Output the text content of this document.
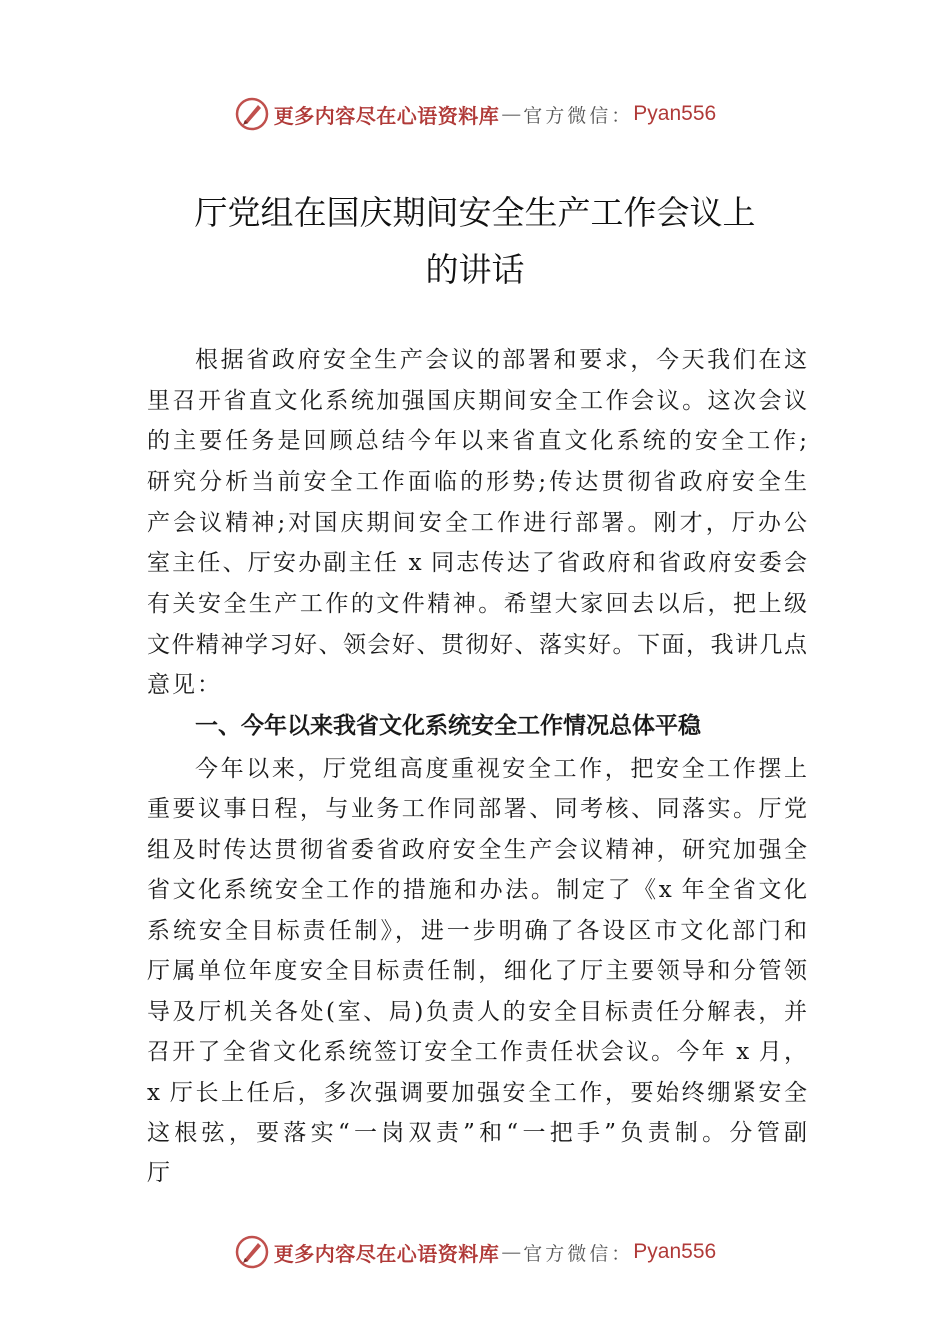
更多内容尽在心语资料库 — 官方微信： Pyan556
厅党组在国庆期间安全生产工作会议上
的讲话
根据省政府安全生产会议的部署和要求，今天我们在这
里召开省直文化系统加强国庆期间安全工作会议。这次会议
的主要任务是回顾总结今年以来省直文化系统的安全工作;
研究分析当前安全工作面临的形势;传达贯彻省政府安全生
产会议精神;对国庆期间安全工作进行部署。刚才，厅办公
室主任、厅安办副主任 x 同志传达了省政府和省政府安委会
有关安全生产工作的文件精神。希望大家回去以后，把上级
文件精神学习好、领会好、贯彻好、落实好。下面，我讲几点
意见：
一、今年以来我省文化系统安全工作情况总体平稳
今年以来，厅党组高度重视安全工作，把安全工作摆上
重要议事日程，与业务工作同部署、同考核、同落实。厅党
组及时传达贯彻省委省政府安全生产会议精神，研究加强全
省文化系统安全工作的措施和办法。制定了《x 年全省文化
系统安全目标责任制》，进一步明确了各设区市文化部门和
厅属单位年度安全目标责任制，细化了厅主要领导和分管领
导及厅机关各处(室、局)负责人的安全目标责任分解表，并
召开了全省文化系统签订安全工作责任状会议。今年 x 月，
x 厅长上任后，多次强调要加强安全工作，要始终绷紧安全
这根弦，要落实“一岗双责”和“一把手”负责制。分管副
厅
更多内容尽在心语资料库 — 官方微信： Pyan556
